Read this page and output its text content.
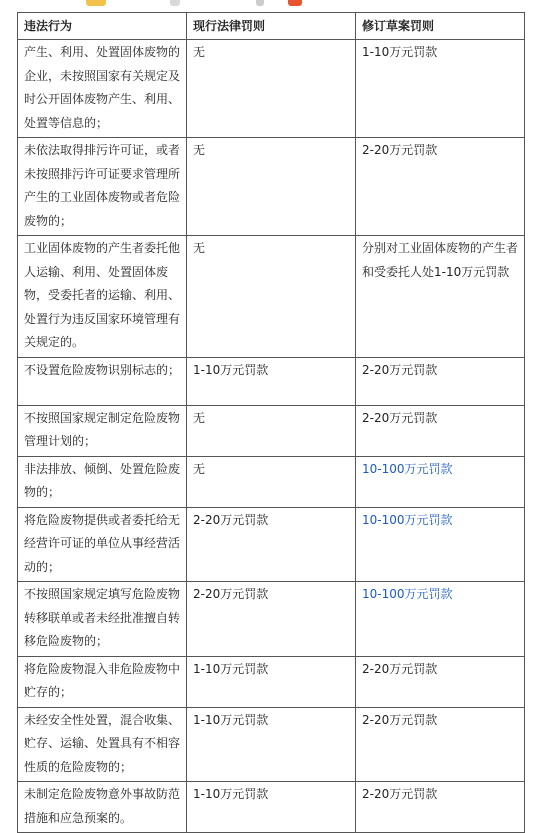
违法行为	现行法律罚则	修订草案罚则
产生、利用、处置固体废物的企业，未按照国家有关规定及时公开固体废物产生、利用、处置等信息的；	无	1-10万元罚款
未依法取得排污许可证，或者未按照排污许可证要求管理所产生的工业固体废物或者危险废物的；	无	2-20万元罚款
工业固体废物的产生者委托他人运输、利用、处置固体废物，受委托者的运输、利用、处置行为违反国家环境管理有关规定的。	无	分别对工业固体废物的产生者和受委托人处1-10万元罚款
不设置危险废物识别标志的；	1-10万元罚款	2-20万元罚款
不按照国家规定制定危险废物管理计划的；	无	2-20万元罚款
非法排放、倾倒、处置危险废物的；	无	10-100万元罚款
将危险废物提供或者委托给无经营许可证的单位从事经营活动的；	2-20万元罚款	10-100万元罚款
不按照国家规定填写危险废物转移联单或者未经批准擅自转移危险废物的；	2-20万元罚款	10-100万元罚款
将危险废物混入非危险废物中贮存的；	1-10万元罚款	2-20万元罚款
未经安全性处置，混合收集、贮存、运输、处置具有不相容性质的危险废物的；	1-10万元罚款	2-20万元罚款
未制定危险废物意外事故防范措施和应急预案的。	1-10万元罚款	2-20万元罚款
